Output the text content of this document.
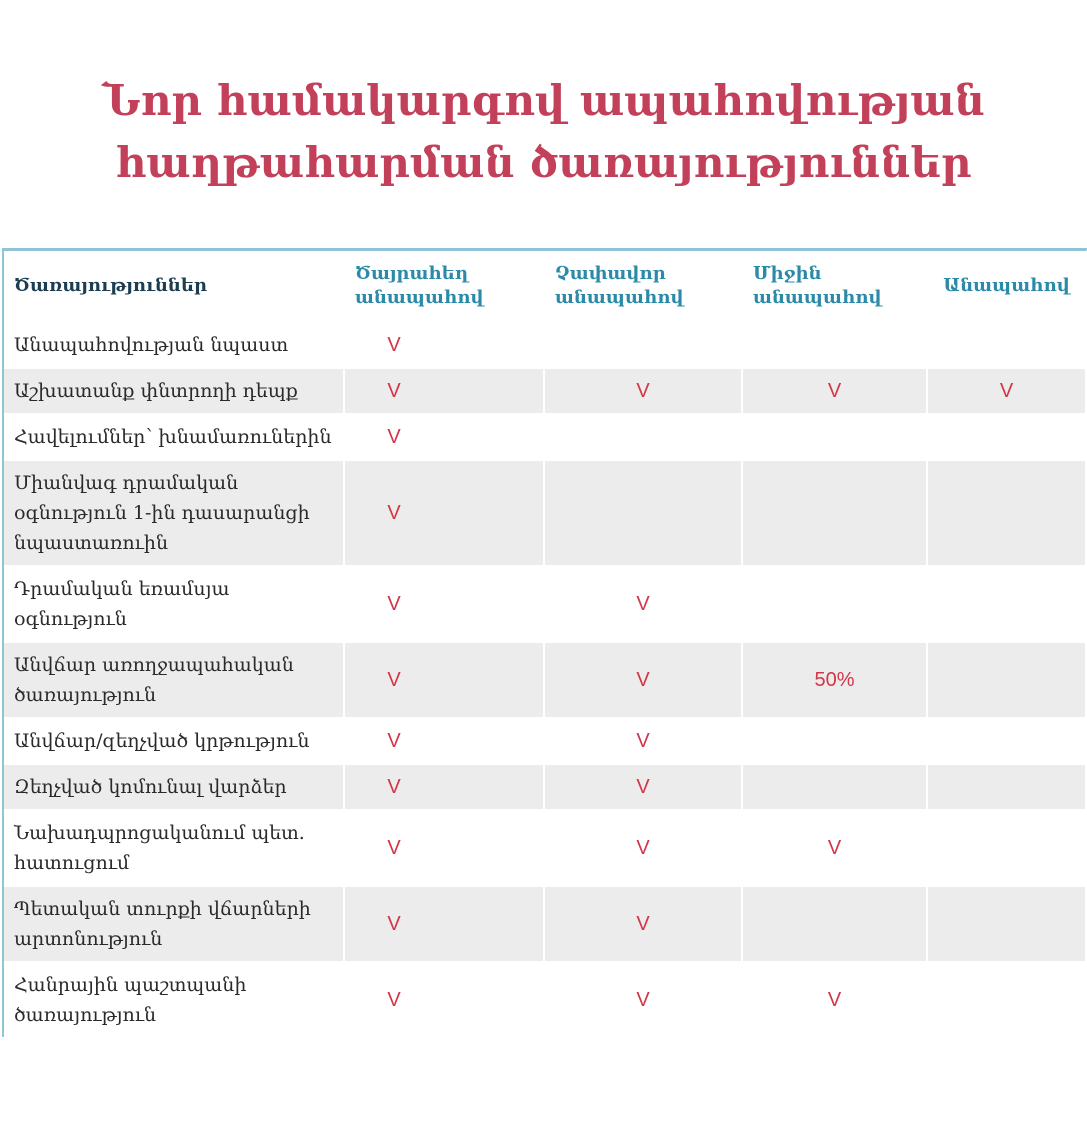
Նոր համակարգով ապահովության
հաղթահարման ծառայություններ
Ծառայություններ	Ծայրահեղ անապահով	Չափավոր անապահով	Միջին անապահով	Անապահով
Անապահովության նպաստ	V			
Աշխատանք փնտրողի դեպք	V	V	V	V
Հավելումներ՝ խնամառուներին	V			
Միանվագ դրամական օգնություն 1-ին դասարանցի նպաստառուին	V			
Դրամական եռամսյա օգնություն	V	V		
Անվճար առողջապահական ծառայություն	V	V	50%	
Անվճար/զեղչված կրթություն	V	V		
Զեղչված կոմունալ վարձեր	V	V		
Նախադպրոցականում պետ. հատուցում	V	V	V	
Պետական տուրքի վճարների արտոնություն	V	V		
Հանրային պաշտպանի ծառայություն	V	V	V	
